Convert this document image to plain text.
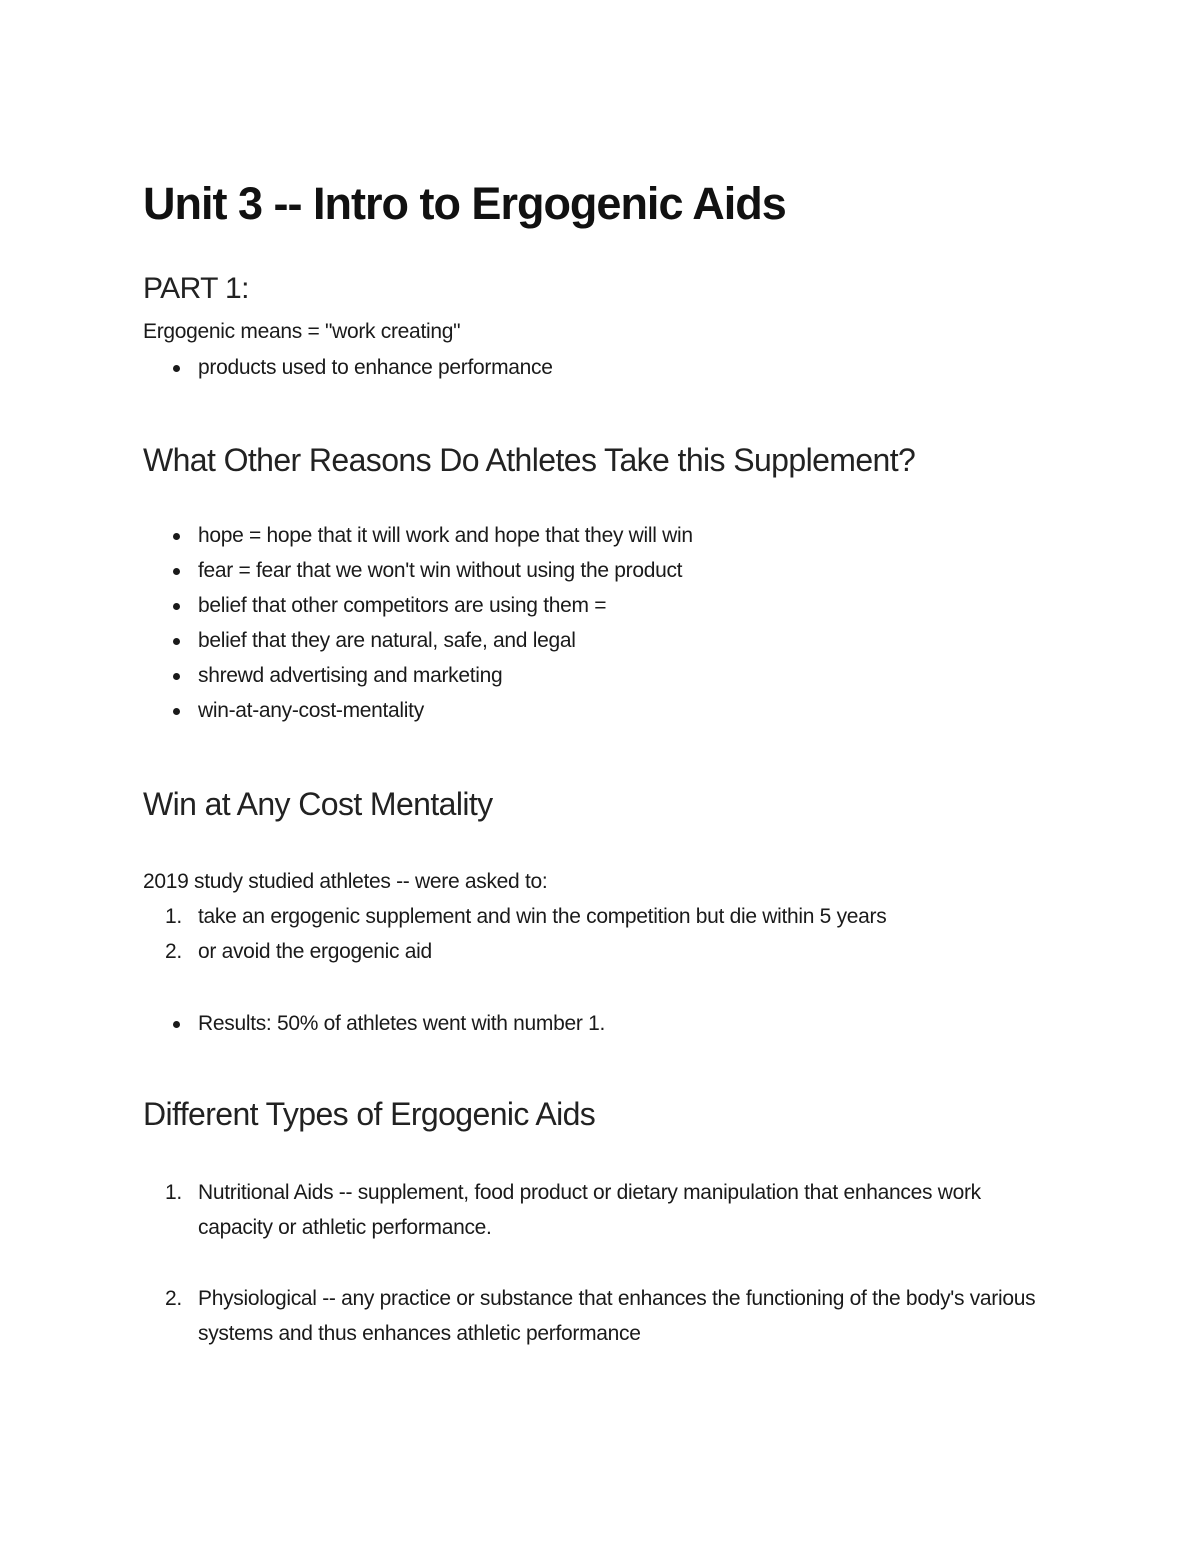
Unit 3 -- Intro to Ergogenic Aids
PART 1:

Ergogenic means = "work creating"

products used to enhance performance
What Other Reasons Do Athletes Take this Supplement?
hope = hope that it will work and hope that they will win
fear = fear that we won't win without using the product
belief that other competitors are using them =
belief that they are natural, safe, and legal
shrewd advertising and marketing
win-at-any-cost-mentality
Win at Any Cost Mentality

2019 study studied athletes -- were asked to:

1. take an ergogenic supplement and win the competition but die within 5 years
2. or avoid the ergogenic aid
Results: 50% of athletes went with number 1.
Different Types of Ergogenic Aids
1. Nutritional Aids -- supplement, food product or dietary manipulation that enhances work capacity or athletic performance.
2. Physiological -- any practice or substance that enhances the functioning of the body's various systems and thus enhances athletic performance
